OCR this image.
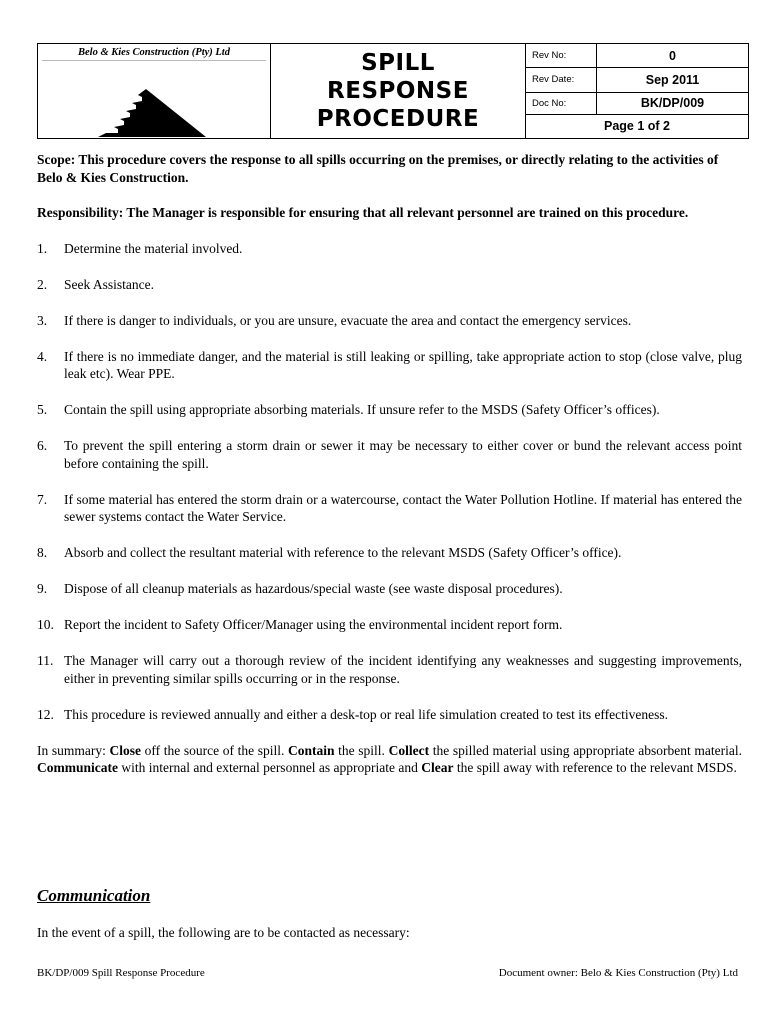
Belo & Kies Construction (Pty) Ltd	SPILL
RESPONSE
PROCEDURE	Rev No:	0
		Rev Date:	Sep 2011
		Doc No:	BK/DP/009
		Page 1 of 2	

Scope: This procedure covers the response to all spills occurring on the premises, or directly relating to the activities of Belo & Kies Construction.

Responsibility: The Manager is responsible for ensuring that all relevant personnel are trained on this procedure.

1. Determine the material involved.
2. Seek Assistance.
3. If there is danger to individuals, or you are unsure, evacuate the area and contact the emergency services.
4. If there is no immediate danger, and the material is still leaking or spilling, take appropriate action to stop (close valve, plug leak etc). Wear PPE.
5. Contain the spill using appropriate absorbing materials. If unsure refer to the MSDS (Safety Officer’s offices).
6. To prevent the spill entering a storm drain or sewer it may be necessary to either cover or bund the relevant access point before containing the spill.
7. If some material has entered the storm drain or a watercourse, contact the Water Pollution Hotline. If material has entered the sewer systems contact the Water Service.
8. Absorb and collect the resultant material with reference to the relevant MSDS (Safety Officer’s office).
9. Dispose of all cleanup materials as hazardous/special waste (see waste disposal procedures).
10. Report the incident to Safety Officer/Manager using the environmental incident report form.
11. The Manager will carry out a thorough review of the incident identifying any weaknesses and suggesting improvements, either in preventing similar spills occurring or in the response.
12. This procedure is reviewed annually and either a desk-top or real life simulation created to test its effectiveness.

In summary: Close off the source of the spill. Contain the spill. Collect the spilled material using appropriate absorbent material. Communicate with internal and external personnel as appropriate and Clear the spill away with reference to the relevant MSDS.

Communication
In the event of a spill, the following are to be contacted as necessary:
BK/DP/009 Spill Response Procedure	Document owner: Belo & Kies Construction (Pty) Ltd
